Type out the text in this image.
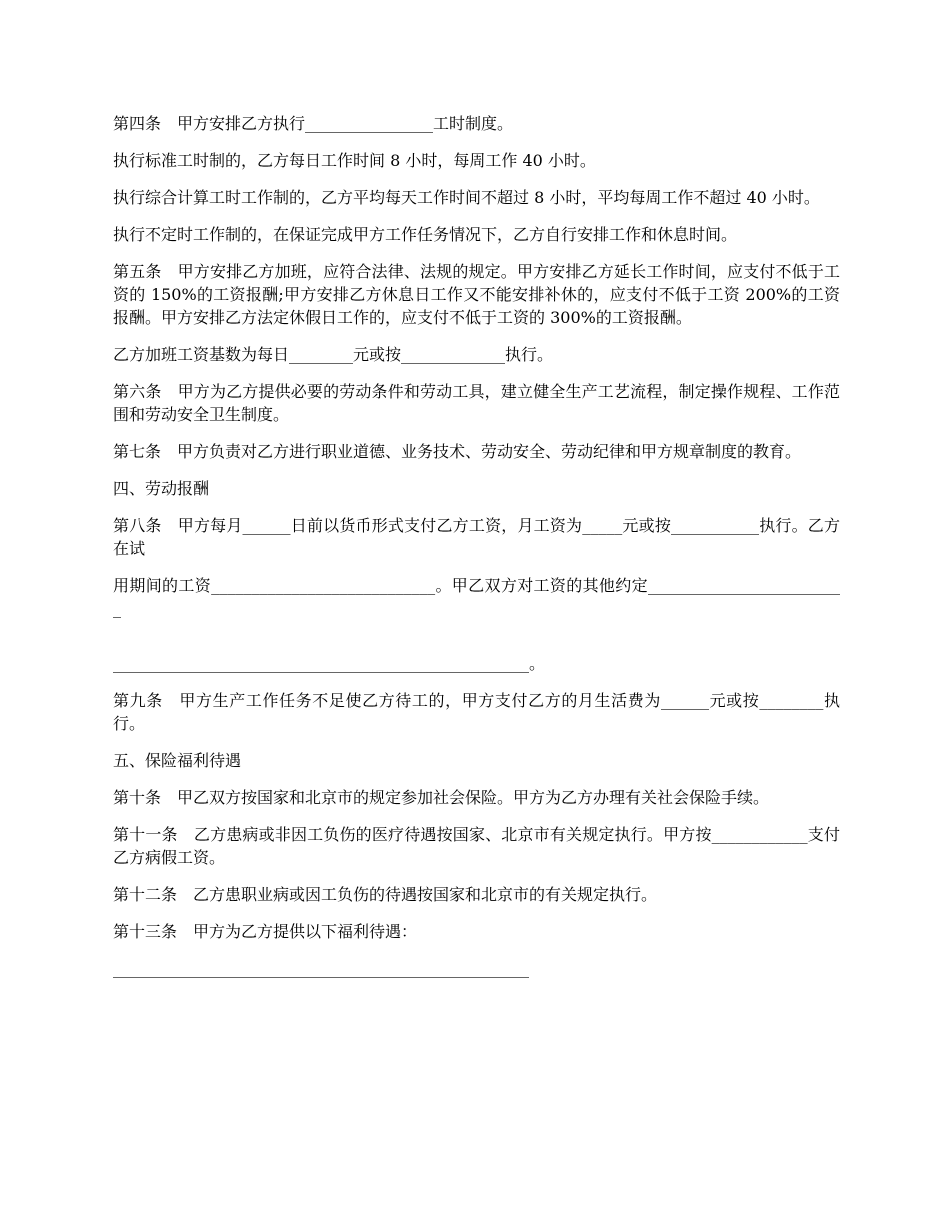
第四条　甲方安排乙方执行________________工时制度。

执行标准工时制的，乙方每日工作时间 8 小时，每周工作 40 小时。

执行综合计算工时工作制的，乙方平均每天工作时间不超过 8 小时，平均每周工作不超过 40 小时。

执行不定时工作制的，在保证完成甲方工作任务情况下，乙方自行安排工作和休息时间。

第五条　甲方安排乙方加班，应符合法律、法规的规定。甲方安排乙方延长工作时间，应支付不低于工资的 150%的工资报酬;甲方安排乙方休息日工作又不能安排补休的，应支付不低于工资 200%的工资报酬。甲方安排乙方法定休假日工作的，应支付不低于工资的 300%的工资报酬。

乙方加班工资基数为每日________元或按_____________执行。

第六条　甲方为乙方提供必要的劳动条件和劳动工具，建立健全生产工艺流程，制定操作规程、工作范围和劳动安全卫生制度。

第七条　甲方负责对乙方进行职业道德、业务技术、劳动安全、劳动纪律和甲方规章制度的教育。

四、劳动报酬

第八条　甲方每月______日前以货币形式支付乙方工资，月工资为_____元或按___________执行。乙方在试

用期间的工资____________________________。甲乙双方对工资的其他约定_________________________

____________________________________________________。

第九条　甲方生产工作任务不足使乙方待工的，甲方支付乙方的月生活费为______元或按________执行。

五、保险福利待遇

第十条　甲乙双方按国家和北京市的规定参加社会保险。甲方为乙方办理有关社会保险手续。

第十一条　乙方患病或非因工负伤的医疗待遇按国家、北京市有关规定执行。甲方按____________支付乙方病假工资。

第十二条　乙方患职业病或因工负伤的待遇按国家和北京市的有关规定执行。

第十三条　甲方为乙方提供以下福利待遇：

____________________________________________________
